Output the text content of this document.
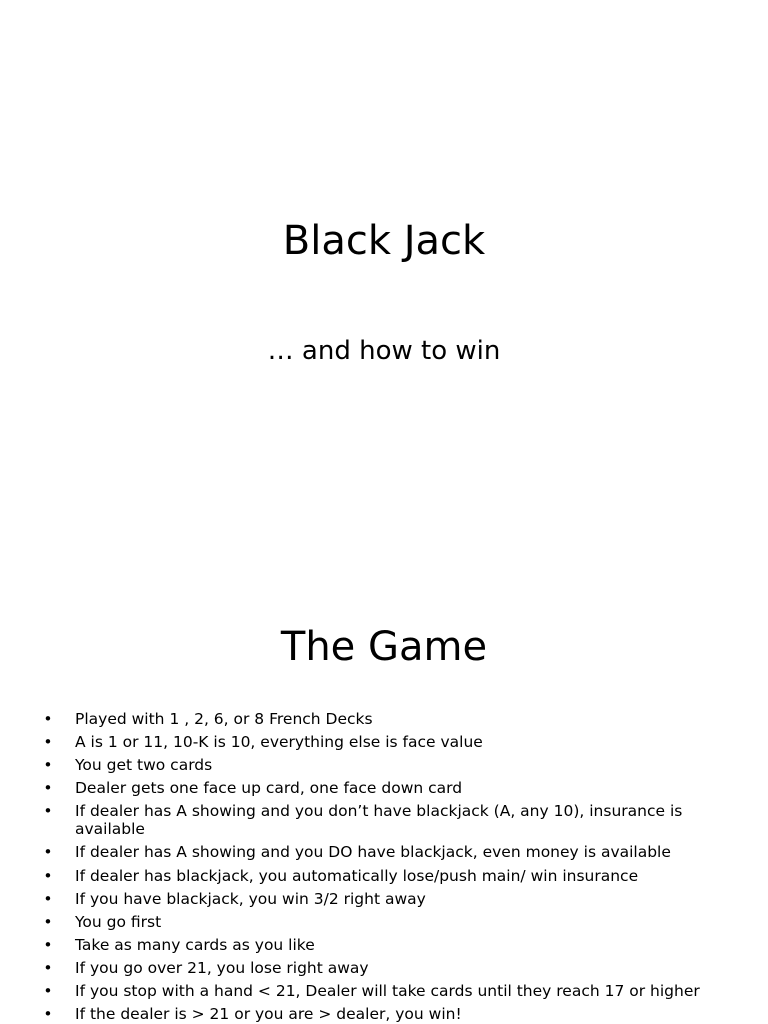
Black Jack
… and how to win
The Game
• Played with 1 , 2, 6, or 8 French Decks
• A is 1 or 11, 10-K is 10, everything else is face value
• You get two cards
• Dealer gets one face up card, one face down card
• If dealer has A showing and you don’t have blackjack (A, any 10), insurance is available
• If dealer has A showing and you DO have blackjack, even money is available
• If dealer has blackjack, you automatically lose/push main/ win insurance
• If you have blackjack, you win 3/2 right away
• You go first
• Take as many cards as you like
• If you go over 21, you lose right away
• If you stop with a hand < 21, Dealer will take cards until they reach 17 or higher
• If the dealer is > 21 or you are > dealer, you win!
